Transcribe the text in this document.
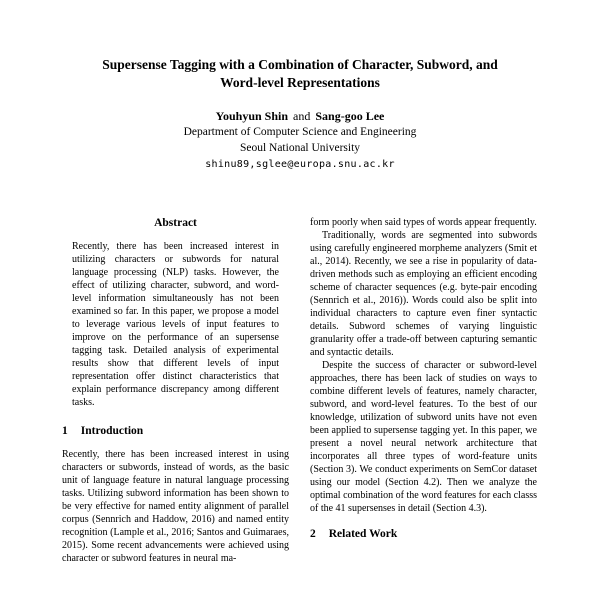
Supersense Tagging with a Combination of Character, Subword, and Word-level Representations
Youhyun Shin and Sang-goo Lee
Department of Computer Science and Engineering
Seoul National University
shinu89,sglee@europa.snu.ac.kr
Abstract

Recently, there has been increased interest in utilizing characters or subwords for natural language processing (NLP) tasks. However, the effect of utilizing character, subword, and word-level information simultaneously has not been examined so far. In this paper, we propose a model to leverage various levels of input features to improve on the performance of an supersense tagging task. Detailed analysis of experimental results show that different levels of input representation offer distinct characteristics that explain performance discrepancy among different tasks.

1 Introduction

Recently, there has been increased interest in using characters or subwords, instead of words, as the basic unit of language feature in natural language processing tasks. Utilizing subword information has been shown to be very effective for named entity alignment of parallel corpus (Sennrich and Haddow, 2016) and named entity recognition (Lample et al., 2016; Santos and Guimaraes, 2015). Some recent advancements were achieved using character or subword features in neural ma-

form poorly when said types of words appear frequently.

Traditionally, words are segmented into subwords using carefully engineered morpheme analyzers (Smit et al., 2014). Recently, we see a rise in popularity of data-driven methods such as employing an efficient encoding scheme of character sequences (e.g. byte-pair encoding (Sennrich et al., 2016)). Words could also be split into individual characters to capture even finer syntactic details. Subword schemes of varying linguistic granularity offer a trade-off between capturing semantic and syntactic details.

Despite the success of character or subword-level approaches, there has been lack of studies on ways to combine different levels of features, namely character, subword, and word-level features. To the best of our knowledge, utilization of subword units have not even been applied to supersense tagging yet. In this paper, we present a novel neural network architecture that incorporates all three types of word-feature units (Section 3). We conduct experiments on SemCor dataset using our model (Section 4.2). Then we analyze the optimal combination of the word features for each classs of the 41 supersenses in detail (Section 4.3).

2 Related Work
